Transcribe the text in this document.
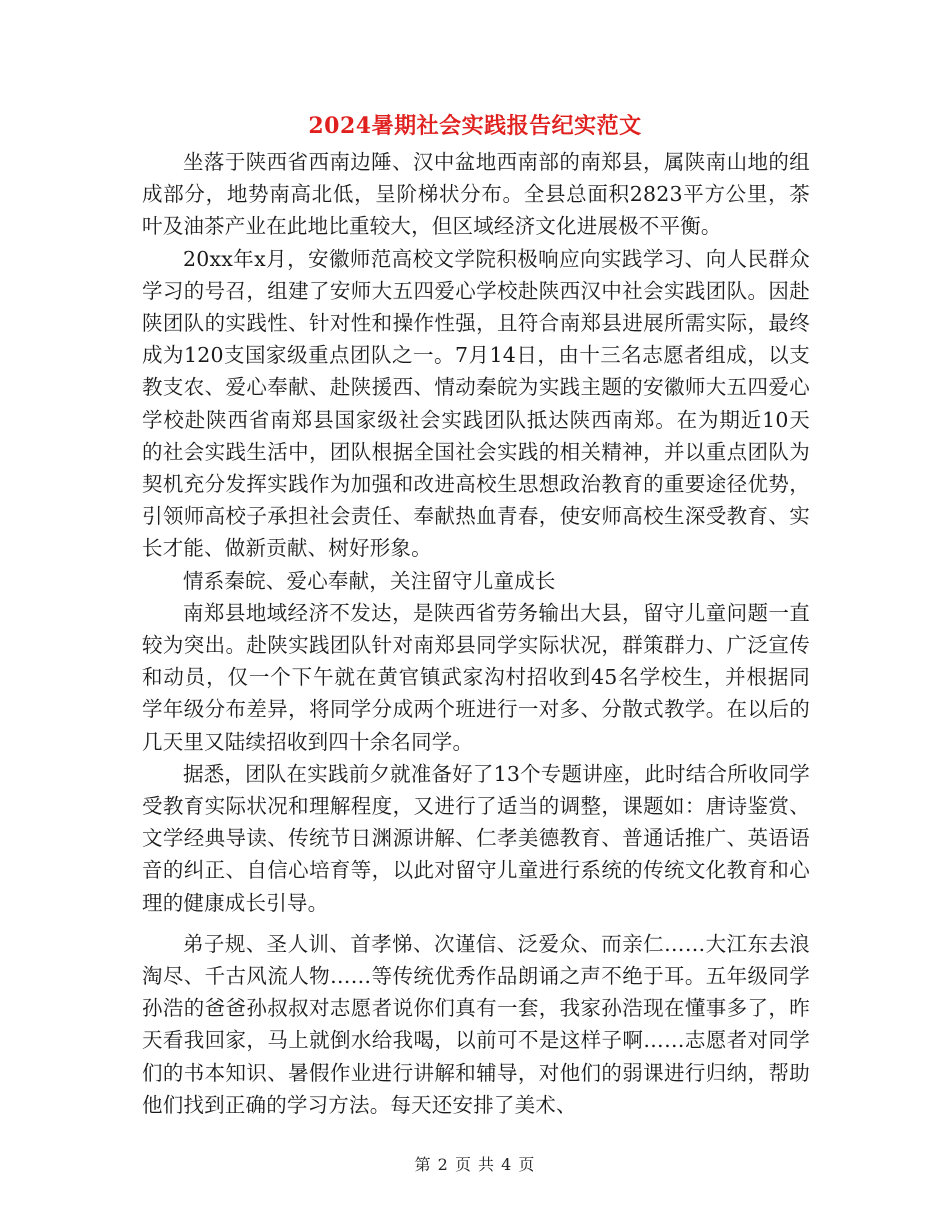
2024暑期社会实践报告纪实范文

坐落于陕西省西南边陲、汉中盆地西南部的南郑县，属陕南山地的组成部分，地势南高北低，呈阶梯状分布。全县总面积2823平方公里，茶叶及油茶产业在此地比重较大，但区域经济文化进展极不平衡。

20xx年x月，安徽师范高校文学院积极响应向实践学习、向人民群众学习的号召，组建了安师大五四爱心学校赴陕西汉中社会实践团队。因赴陕团队的实践性、针对性和操作性强，且符合南郑县进展所需实际，最终成为120支国家级重点团队之一。7月14日，由十三名志愿者组成，以支教支农、爱心奉献、赴陕援西、情动秦皖为实践主题的安徽师大五四爱心学校赴陕西省南郑县国家级社会实践团队抵达陕西南郑。在为期近10天的社会实践生活中，团队根据全国社会实践的相关精神，并以重点团队为契机充分发挥实践作为加强和改进高校生思想政治教育的重要途径优势，引领师高校子承担社会责任、奉献热血青春，使安师高校生深受教育、实长才能、做新贡献、树好形象。

情系秦皖、爱心奉献，关注留守儿童成长

南郑县地域经济不发达，是陕西省劳务输出大县，留守儿童问题一直较为突出。赴陕实践团队针对南郑县同学实际状况，群策群力、广泛宣传和动员，仅一个下午就在黄官镇武家沟村招收到45名学校生，并根据同学年级分布差异，将同学分成两个班进行一对多、分散式教学。在以后的几天里又陆续招收到四十余名同学。

据悉，团队在实践前夕就准备好了13个专题讲座，此时结合所收同学受教育实际状况和理解程度，又进行了适当的调整，课题如：唐诗鉴赏、文学经典导读、传统节日渊源讲解、仁孝美德教育、普通话推广、英语语音的纠正、自信心培育等，以此对留守儿童进行系统的传统文化教育和心理的健康成长引导。

弟子规、圣人训、首孝悌、次谨信、泛爱众、而亲仁……大江东去浪淘尽、千古风流人物……等传统优秀作品朗诵之声不绝于耳。五年级同学孙浩的爸爸孙叔叔对志愿者说你们真有一套，我家孙浩现在懂事多了，昨天看我回家，马上就倒水给我喝，以前可不是这样子啊……志愿者对同学们的书本知识、暑假作业进行讲解和辅导，对他们的弱课进行归纳，帮助他们找到正确的学习方法。每天还安排了美术、

第 2 页 共 4 页
